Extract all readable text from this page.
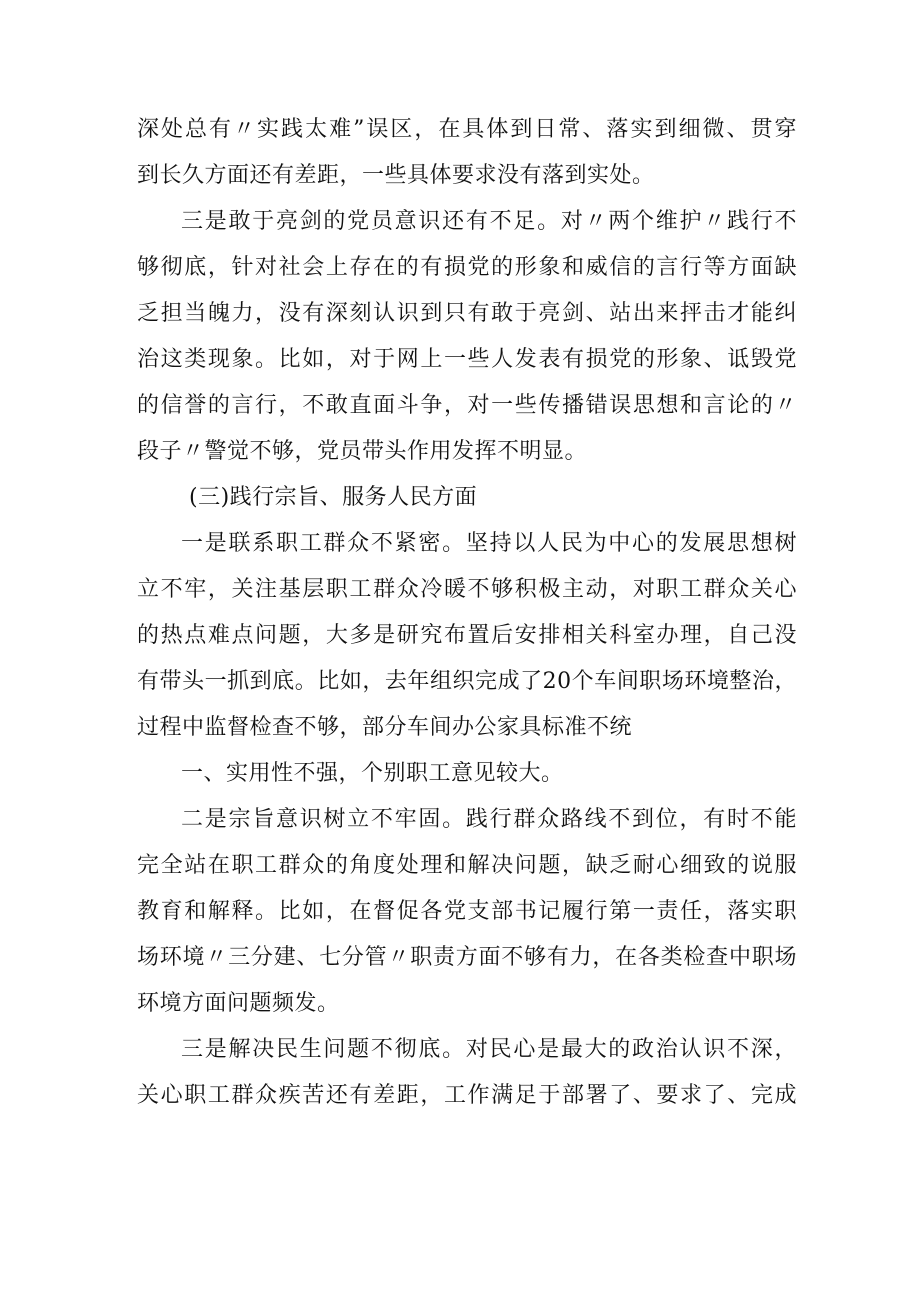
深处总有〃实践太难”误区，在具体到日常、落实到细微、贯穿
到长久方面还有差距，一些具体要求没有落到实处。
三是敢于亮剑的党员意识还有不足。对〃两个维护〃践行不
够彻底，针对社会上存在的有损党的形象和威信的言行等方面缺
乏担当魄力，没有深刻认识到只有敢于亮剑、站出来抨击才能纠
治这类现象。比如，对于网上一些人发表有损党的形象、诋毁党
的信誉的言行，不敢直面斗争，对一些传播错误思想和言论的〃
段子〃警觉不够，党员带头作用发挥不明显。
(三)践行宗旨、服务人民方面
一是联系职工群众不紧密。坚持以人民为中心的发展思想树
立不牢，关注基层职工群众冷暖不够积极主动，对职工群众关心
的热点难点问题，大多是研究布置后安排相关科室办理，自己没
有带头一抓到底。比如，去年组织完成了20个车间职场环境整治，
过程中监督检查不够，部分车间办公家具标准不统
一、实用性不强，个别职工意见较大。
二是宗旨意识树立不牢固。践行群众路线不到位，有时不能
完全站在职工群众的角度处理和解决问题，缺乏耐心细致的说服
教育和解释。比如，在督促各党支部书记履行第一责任，落实职
场环境〃三分建、七分管〃职责方面不够有力，在各类检查中职场
环境方面问题频发。
三是解决民生问题不彻底。对民心是最大的政治认识不深，
关心职工群众疾苦还有差距，工作满足于部署了、要求了、完成
